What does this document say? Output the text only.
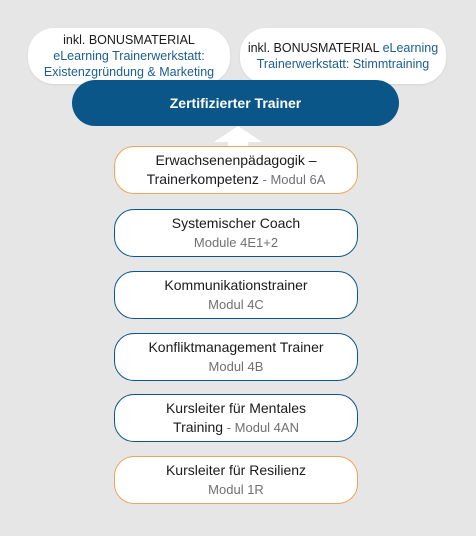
inkl. BONUSMATERIAL
eLearning Trainerwerkstatt:
Existenzgründung & Marketing
inkl. BONUSMATERIAL eLearning
Trainerwerkstatt: Stimmtraining
Zertifizierter Trainer
Erwachsenenpädagogik –
Trainerkompetenz - Modul 6A
Systemischer Coach
Module 4E1+2
Kommunikationstrainer
Modul 4C
Konfliktmanagement Trainer
Modul 4B
Kursleiter für Mentales
Training - Modul 4AN
Kursleiter für Resilienz
Modul 1R
